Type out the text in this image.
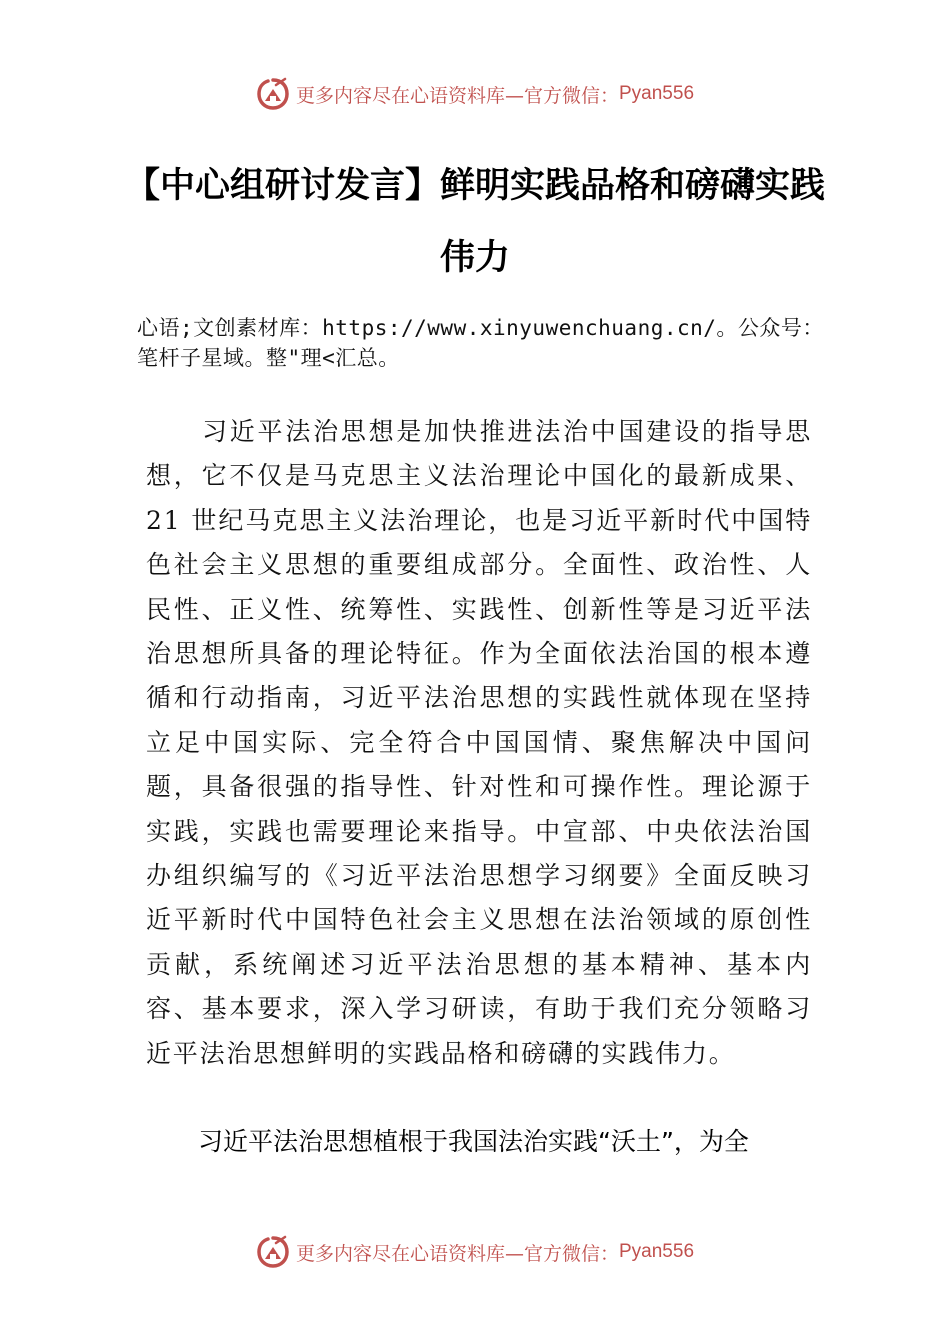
更多内容尽在心语资料库—官方微信： Pyan556
【中心组研讨发言】鲜明实践品格和磅礴实践伟力
心语;文创素材库：https://www.xinyuwenchuang.cn/。公众号：笔杆子星域。整"理<汇总。
习近平法治思想是加快推进法治中国建设的指导思想，它不仅是马克思主义法治理论中国化的最新成果、21 世纪马克思主义法治理论，也是习近平新时代中国特色社会主义思想的重要组成部分。全面性、政治性、人民性、正义性、统筹性、实践性、创新性等是习近平法治思想所具备的理论特征。作为全面依法治国的根本遵循和行动指南，习近平法治思想的实践性就体现在坚持立足中国实际、完全符合中国国情、聚焦解决中国问题，具备很强的指导性、针对性和可操作性。理论源于实践，实践也需要理论来指导。中宣部、中央依法治国办组织编写的《习近平法治思想学习纲要》全面反映习近平新时代中国特色社会主义思想在法治领域的原创性贡献，系统阐述习近平法治思想的基本精神、基本内容、基本要求，深入学习研读，有助于我们充分领略习近平法治思想鲜明的实践品格和磅礴的实践伟力。
习近平法治思想植根于我国法治实践“沃土”，为全
更多内容尽在心语资料库—官方微信： Pyan556
